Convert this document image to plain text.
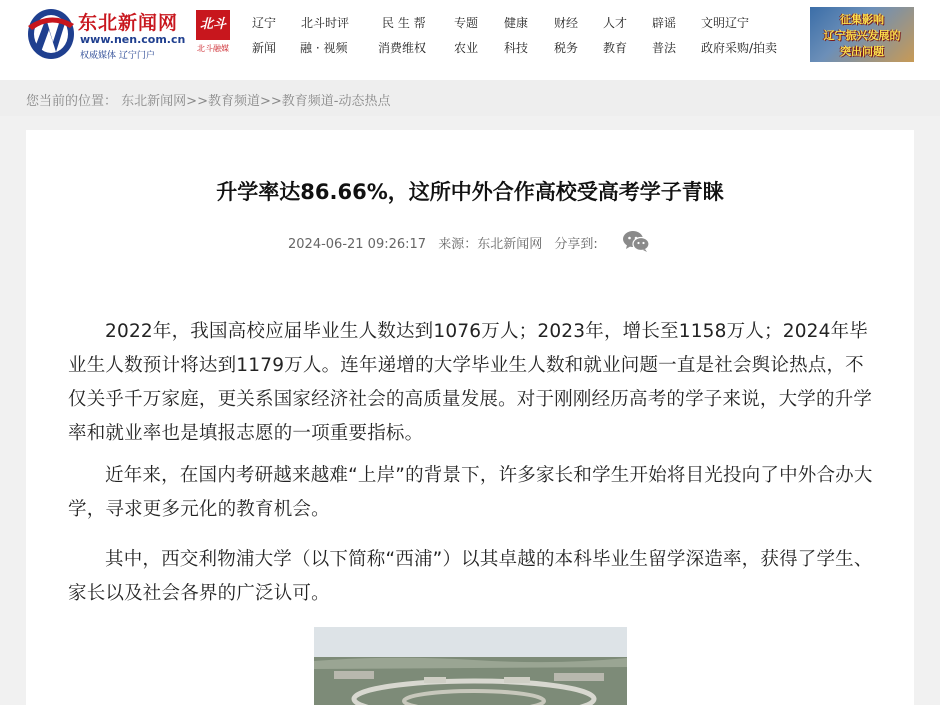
东北新闻网
www.nen.com.cn
权威媒体 辽宁门户
北斗
北斗融媒
辽宁
新闻
北斗时评
融 · 视频
民 生 帮
消费维权
专题
农业
健康
科技
财经
税务
人才
教育
辟谣
普法
文明辽宁
政府采购/拍卖
征集影响
辽宁振兴发展的
突出问题
您当前的位置： 东北新闻网>>教育频道>>教育频道-动态热点
升学率达86.66%，这所中外合作高校受高考学子青睐
2024-06-21 09:26:17 来源：东北新闻网 分享到:

2022年，我国高校应届毕业生人数达到1076万人；2023年，增长至1158万人；2024年毕业生人数预计将达到1179万人。连年递增的大学毕业生人数和就业问题一直是社会舆论热点，不仅关乎千万家庭，更关系国家经济社会的高质量发展。对于刚刚经历高考的学子来说，大学的升学率和就业率也是填报志愿的一项重要指标。

近年来，在国内考研越来越难“上岸”的背景下，许多家长和学生开始将目光投向了中外合办大学，寻求更多元化的教育机会。

其中，西交利物浦大学（以下简称“西浦”）以其卓越的本科毕业生留学深造率，获得了学生、家长以及社会各界的广泛认可。
